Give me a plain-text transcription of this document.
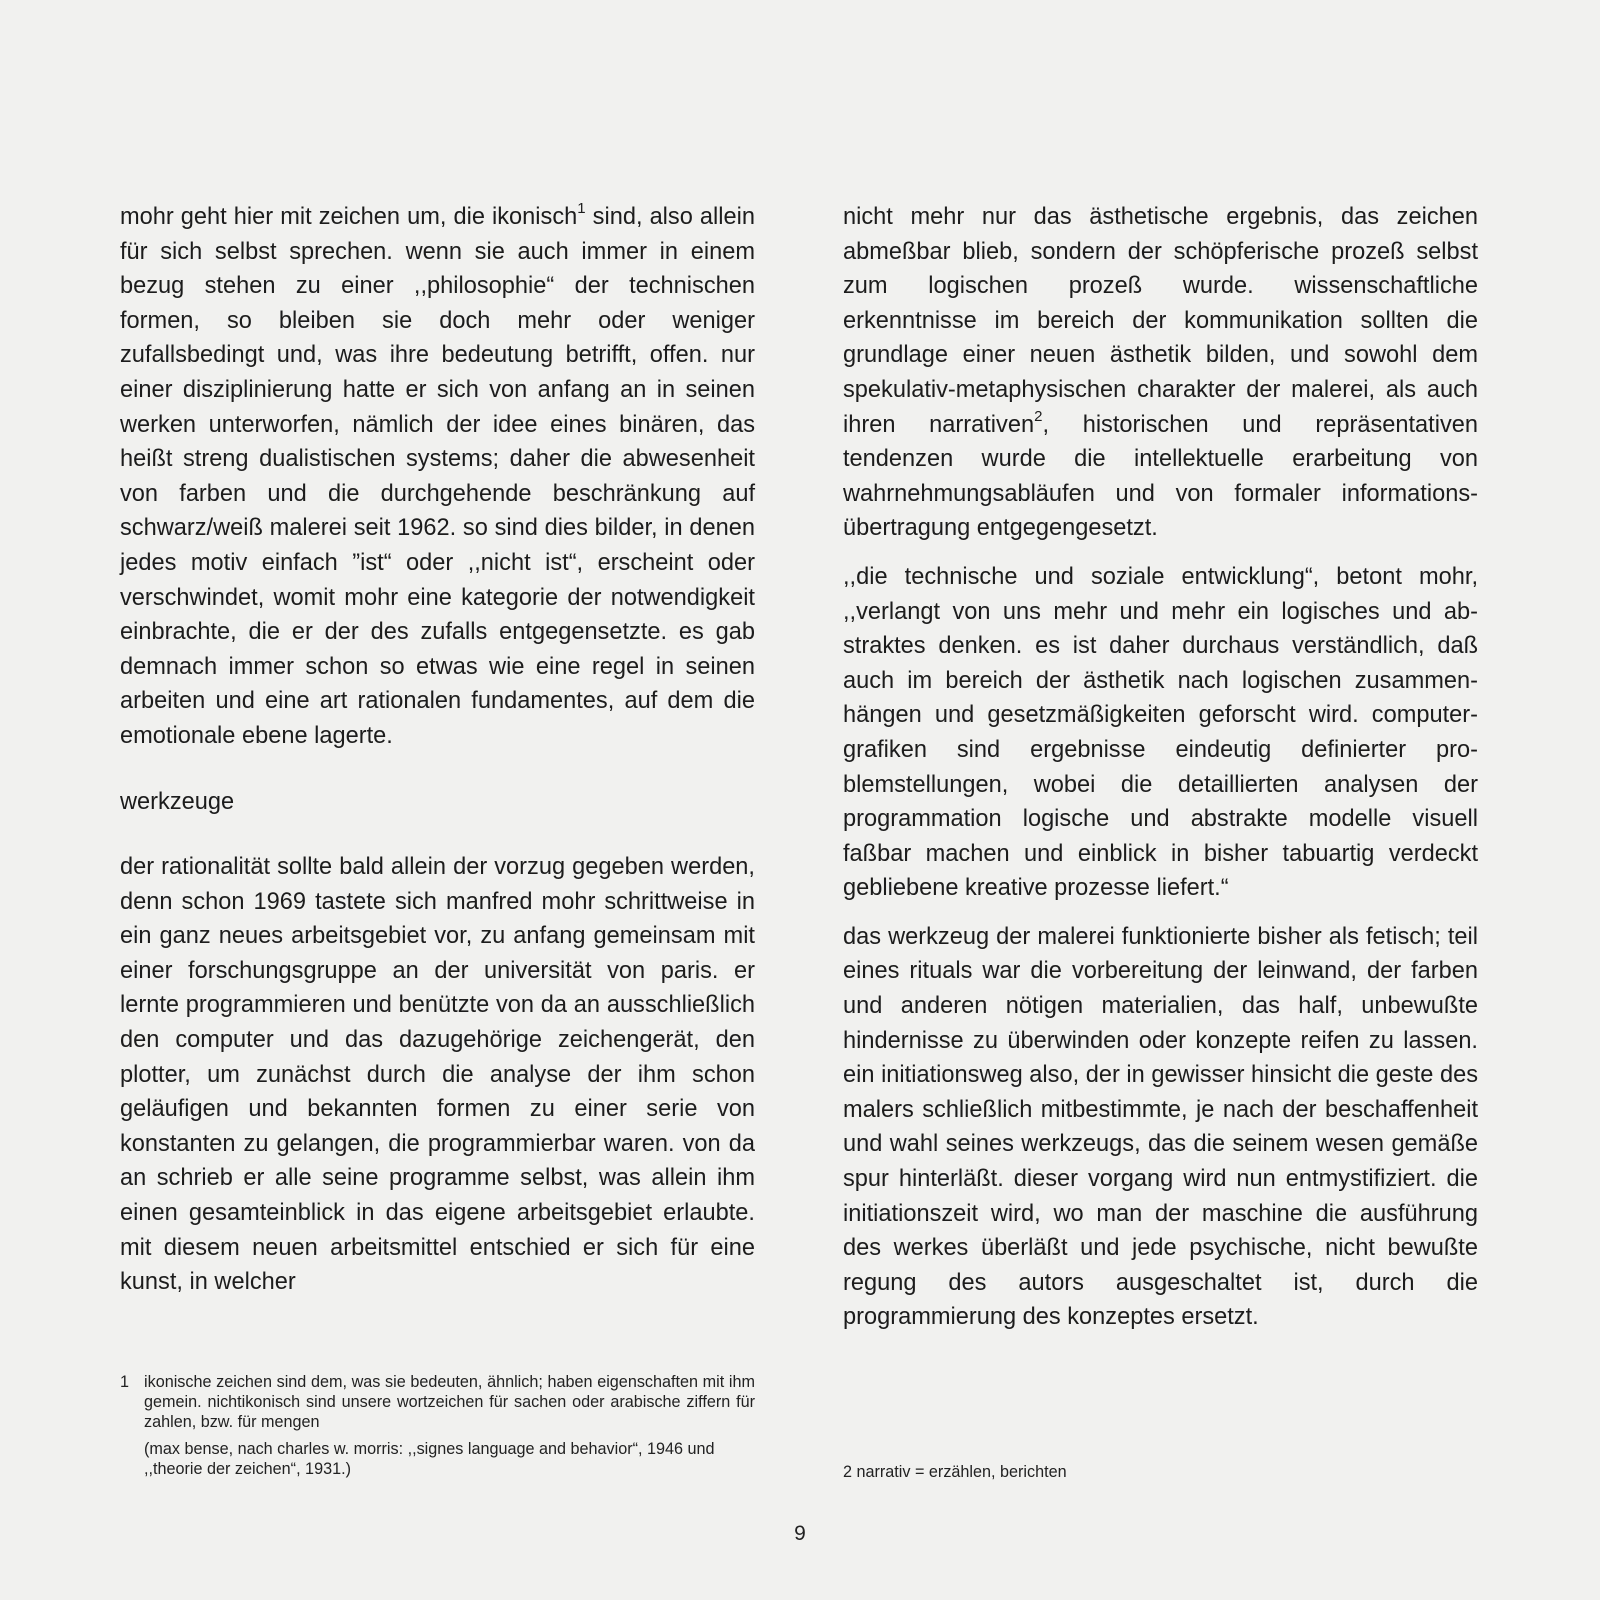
mohr geht hier mit zeichen um, die ikonisch$^1$ sind, also allein für sich selbst sprechen. wenn sie auch immer in einem bezug stehen zu einer ,,philosophie“ der technischen formen, so bleiben sie doch mehr oder weniger zufallsbedingt und, was ihre bedeutung betrifft, offen. nur einer disziplinierung hatte er sich von anfang an in seinen werken unterworfen, nämlich der idee eines binären, das heißt streng dualistischen systems; daher die abwesenheit von farben und die durchgehende beschränkung auf schwarz/weiß malerei seit 1962. so sind dies bilder, in denen jedes motiv einfach ”ist“ oder ,,nicht ist“, erscheint oder verschwindet, womit mohr eine kategorie der notwendigkeit einbrachte, die er der des zufalls entgegensetzte. es gab demnach immer schon so etwas wie eine regel in seinen arbeiten und eine art rationalen fundamentes, auf dem die emotionale ebene lagerte.
werkzeuge
der rationalität sollte bald allein der vorzug gegeben werden, denn schon 1969 tastete sich manfred mohr schrittweise in ein ganz neues arbeitsgebiet vor, zu anfang gemeinsam mit einer forschungsgruppe an der universität von paris. er lernte programmieren und benützte von da an ausschließlich den computer und das dazugehörige zeichengerät, den plotter, um zunächst durch die analyse der ihm schon geläufigen und bekannten formen zu einer serie von konstanten zu gelangen, die programmierbar waren. von da an schrieb er alle seine programme selbst, was allein ihm einen gesamteinblick in das eigene arbeitsgebiet erlaubte. mit diesem neuen arbeitsmittel entschied er sich für eine kunst, in welcher
nicht mehr nur das ästhetische ergebnis, das zeichen abmeßbar blieb, sondern der schöpferische prozeß selbst zum logischen prozeß wurde. wissenschaftliche erkenntnisse im bereich der kommunikation sollten die grundlage einer neuen ästhetik bilden, und sowohl dem spekulativ-metaphysischen charakter der malerei, als auch ihren narrativen$^2$, historischen und repräsentativen tendenzen wurde die intellektuelle erarbeitung von wahrnehmungsabläufen und von formaler informationsübertragung entgegengesetzt.
,,die technische und soziale entwicklung“, betont mohr, ,,verlangt von uns mehr und mehr ein logisches und abstraktes denken. es ist daher durchaus verständlich, daß auch im bereich der ästhetik nach logischen zusammenhängen und gesetzmäßigkeiten geforscht wird. computer-grafiken sind ergebnisse eindeutig definierter problemstellungen, wobei die detaillierten analysen der programmation logische und abstrakte modelle visuell faßbar machen und einblick in bisher tabuartig verdeckt gebliebene kreative prozesse liefert.“
das werkzeug der malerei funktionierte bisher als fetisch; teil eines rituals war die vorbereitung der leinwand, der farben und anderen nötigen materialien, das half, unbewußte hindernisse zu überwinden oder konzepte reifen zu lassen. ein initiationsweg also, der in gewisser hinsicht die geste des malers schließlich mitbestimmte, je nach der beschaffenheit und wahl seines werkzeugs, das die seinem wesen gemäße spur hinterläßt. dieser vorgang wird nun entmystifiziert. die initiationszeit wird, wo man der maschine die ausführung des werkes überläßt und jede psychische, nicht bewußte regung des autors ausgeschaltet ist, durch die programmierung des konzeptes ersetzt.
1 ikonische zeichen sind dem, was sie bedeuten, ähnlich; haben eigenschaften mit ihm gemein. nichtikonisch sind unsere wortzeichen für sachen oder arabische ziffern für zahlen, bzw. für mengen
(max bense, nach charles w. morris: ,,signes language and behavior“, 1946 und ,,theorie der zeichen“, 1931.)	2 narrativ = erzählen, berichten
9
